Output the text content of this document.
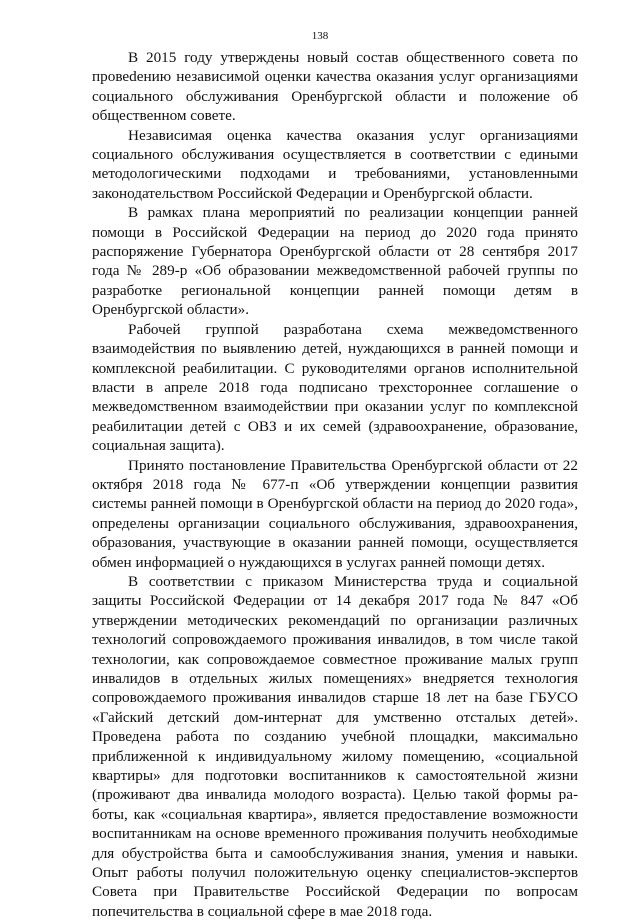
138

В 2015 году утверждены новый состав общественного совета по провеdению независимой оценки качества оказания услуг организациями социального обслуживания Оренбургской области и положение об общественном совете.

Независимая оценка качества оказания услуг организациями социального обслуживания осуществляется в соответствии с едиными методологическими подходами и требованиями, установленными законодательством Российской Федерации и Оренбургской области.

В рамках плана мероприятий по реализации концепции ранней помощи в Российской Федерации на период до 2020 года принято распоряжение Губернатора Оренбургской области от 28 сентября 2017 года № 289-р «Об образовании межведомственной рабочей группы по разработке региональной концепции ранней помощи детям в Оренбургской области».

Рабочей группой разработана схема межведомственного взаимодействия по выявлению детей, нуждающихся в ранней помощи и комплексной реабилитации. С руководителями органов исполнительной власти в апреле 2018 года подписано трехстороннее соглашение о межведомственном взаимодействии при оказании услуг по комплексной реабилитации детей с ОВЗ и их семей (здравоохранение, образование, социальная защита).

Принято постановление Правительства Оренбургской области от 22 октября 2018 года № 677-п «Об утверждении концепции развития системы ранней помощи в Оренбургской области на период до 2020 года», определены организации социального обслуживания, здравоохранения, образования, участвующие в оказании ранней помощи, осуществляется обмен информацией о нуждающихся в услугах ранней помощи детях.

В соответствии с приказом Министерства труда и социальной защиты Российской Федерации от 14 декабря 2017 года № 847 «Об утверждении методических рекомендаций по организации различных технологий сопровождаемого проживания инвалидов, в том числе такой технологии, как сопровождаемое совместное проживание малых групп инвалидов в отдельных жилых помещениях» внедряется технология сопровождаемого проживания инвалидов старше 18 лет на базе ГБУСО «Гайский детский дом-интернат для умственно отсталых детей». Проведена работа по созданию учебной площадки, максимально приближенной к индивидуальному жилому помещению, «социальной квартиры» для подготовки воспитанников к самостоятельной жизни (проживают два инвалида молодого возраста). Целью такой формы работы, как «социальная квартира», является предоставление возможности воспитанникам на основе временного проживания получить необходимые для обустройства быта и самообслуживания знания, умения и навыки. Опыт работы получил положительную оценку специалистов-экспертов Совета при Правительстве Российской Федерации по вопросам попечительства в социальной сфере в мае 2018 года.
